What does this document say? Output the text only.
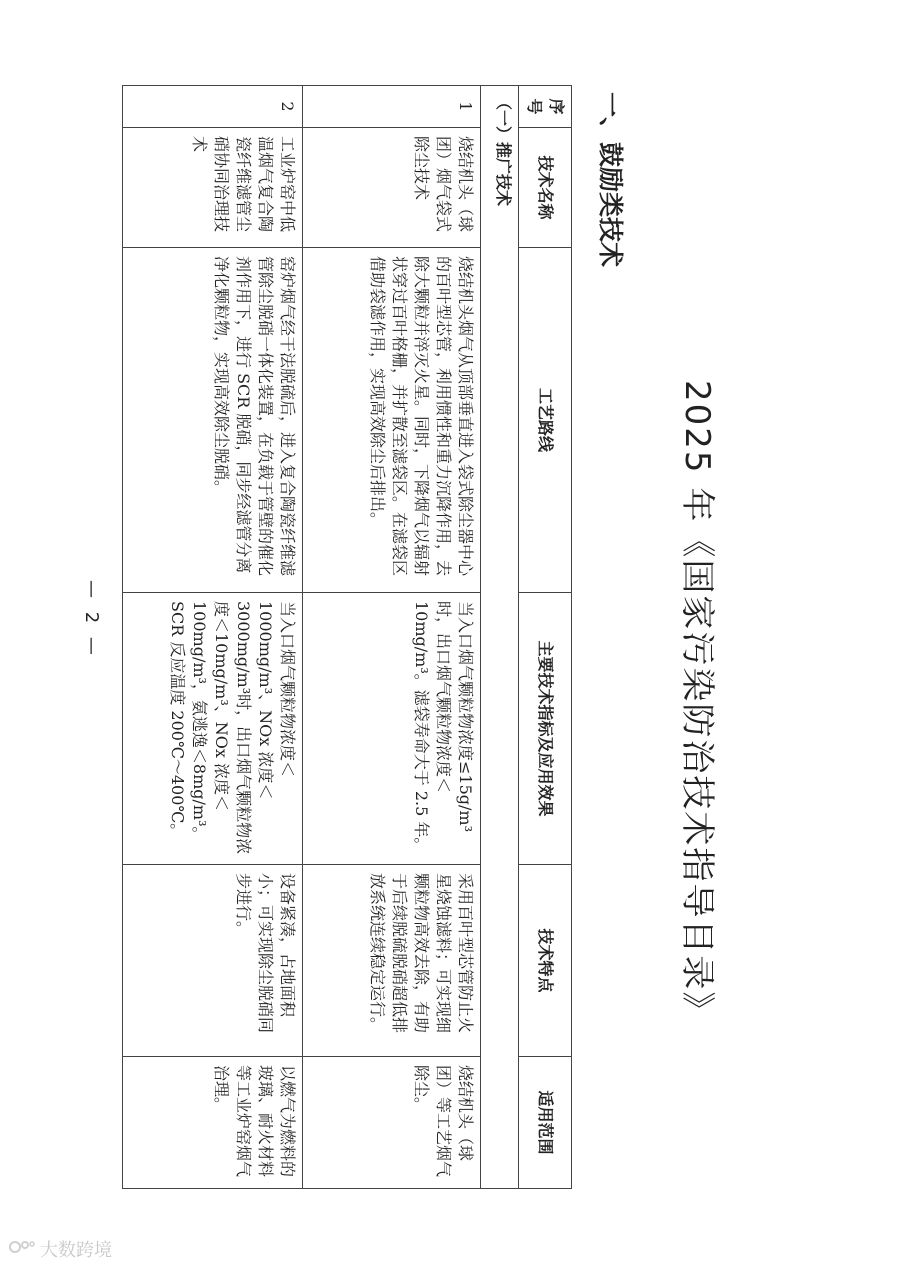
2025 年《国家污染防治技术指导目录》
一、鼓励类技术
序号	技术名称	工艺路线	主要技术指标及应用效果	技术特点	适用范围
（一）推广技术					
1	烧结机头（球团）烟气袋式除尘技术	烧结机头烟气从顶部垂直进入袋式除尘器中心的百叶型芯管，利用惯性和重力沉降作用，去除大颗粒并淬灭火星。同时，下降烟气以辐射状穿过百叶格栅，并扩散至滤袋区。在滤袋区借助袋滤作用，实现高效除尘后排出。	当入口烟气颗粒物浓度≤15g/m³时，出口烟气颗粒物浓度＜10mg/m³。滤袋寿命大于 2.5 年。	采用百叶型芯管防止火星烧蚀滤料；可实现细颗粒物高效去除，有助于后续脱硫脱硝超低排放系统连续稳定运行。	烧结机头（球团）等工艺烟气除尘。
2	工业炉窑中低温烟气复合陶瓷纤维滤管尘硝协同治理技术	窑炉烟气经干法脱硫后，进入复合陶瓷纤维滤管除尘脱硝一体化装置，在负载于管壁的催化剂作用下，进行 SCR 脱硝，同步经滤管分离净化颗粒物，实现高效除尘脱硝。	当入口烟气颗粒物浓度＜1000mg/m³、NOx 浓度＜3000mg/m³时，出口烟气颗粒物浓度＜10mg/m³、NOx 浓度＜100mg/m³，氨逃逸＜8mg/m³。SCR 反应温度 200℃～400℃。	设备紧凑，占地面积小；可实现除尘脱硝同步进行。	以燃气为燃料的玻璃、耐火材料等工业炉窑烟气治理。
— 2 —
大数跨境
